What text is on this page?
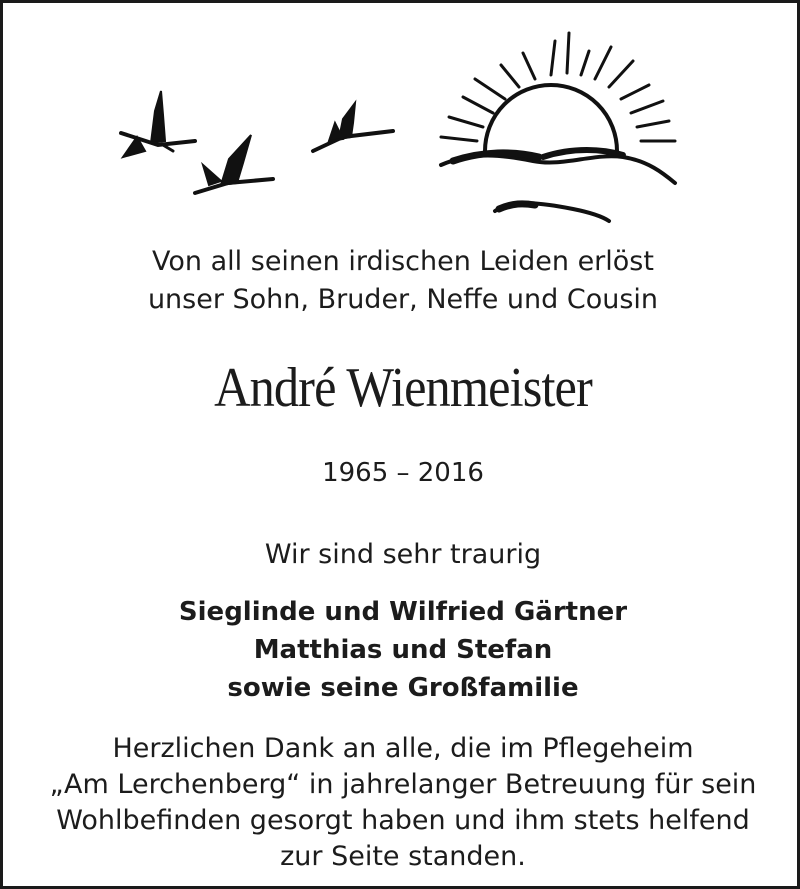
Von all seinen irdischen Leiden erlöst
unser Sohn, Bruder, Neffe und Cousin
André Wienmeister
1965 – 2016
Wir sind sehr traurig
Sieglinde und Wilfried Gärtner
Matthias und Stefan
sowie seine Großfamilie
Herzlichen Dank an alle, die im Pflegeheim
„Am Lerchenberg“ in jahrelanger Betreuung für sein
Wohlbefinden gesorgt haben und ihm stets helfend
zur Seite standen.
